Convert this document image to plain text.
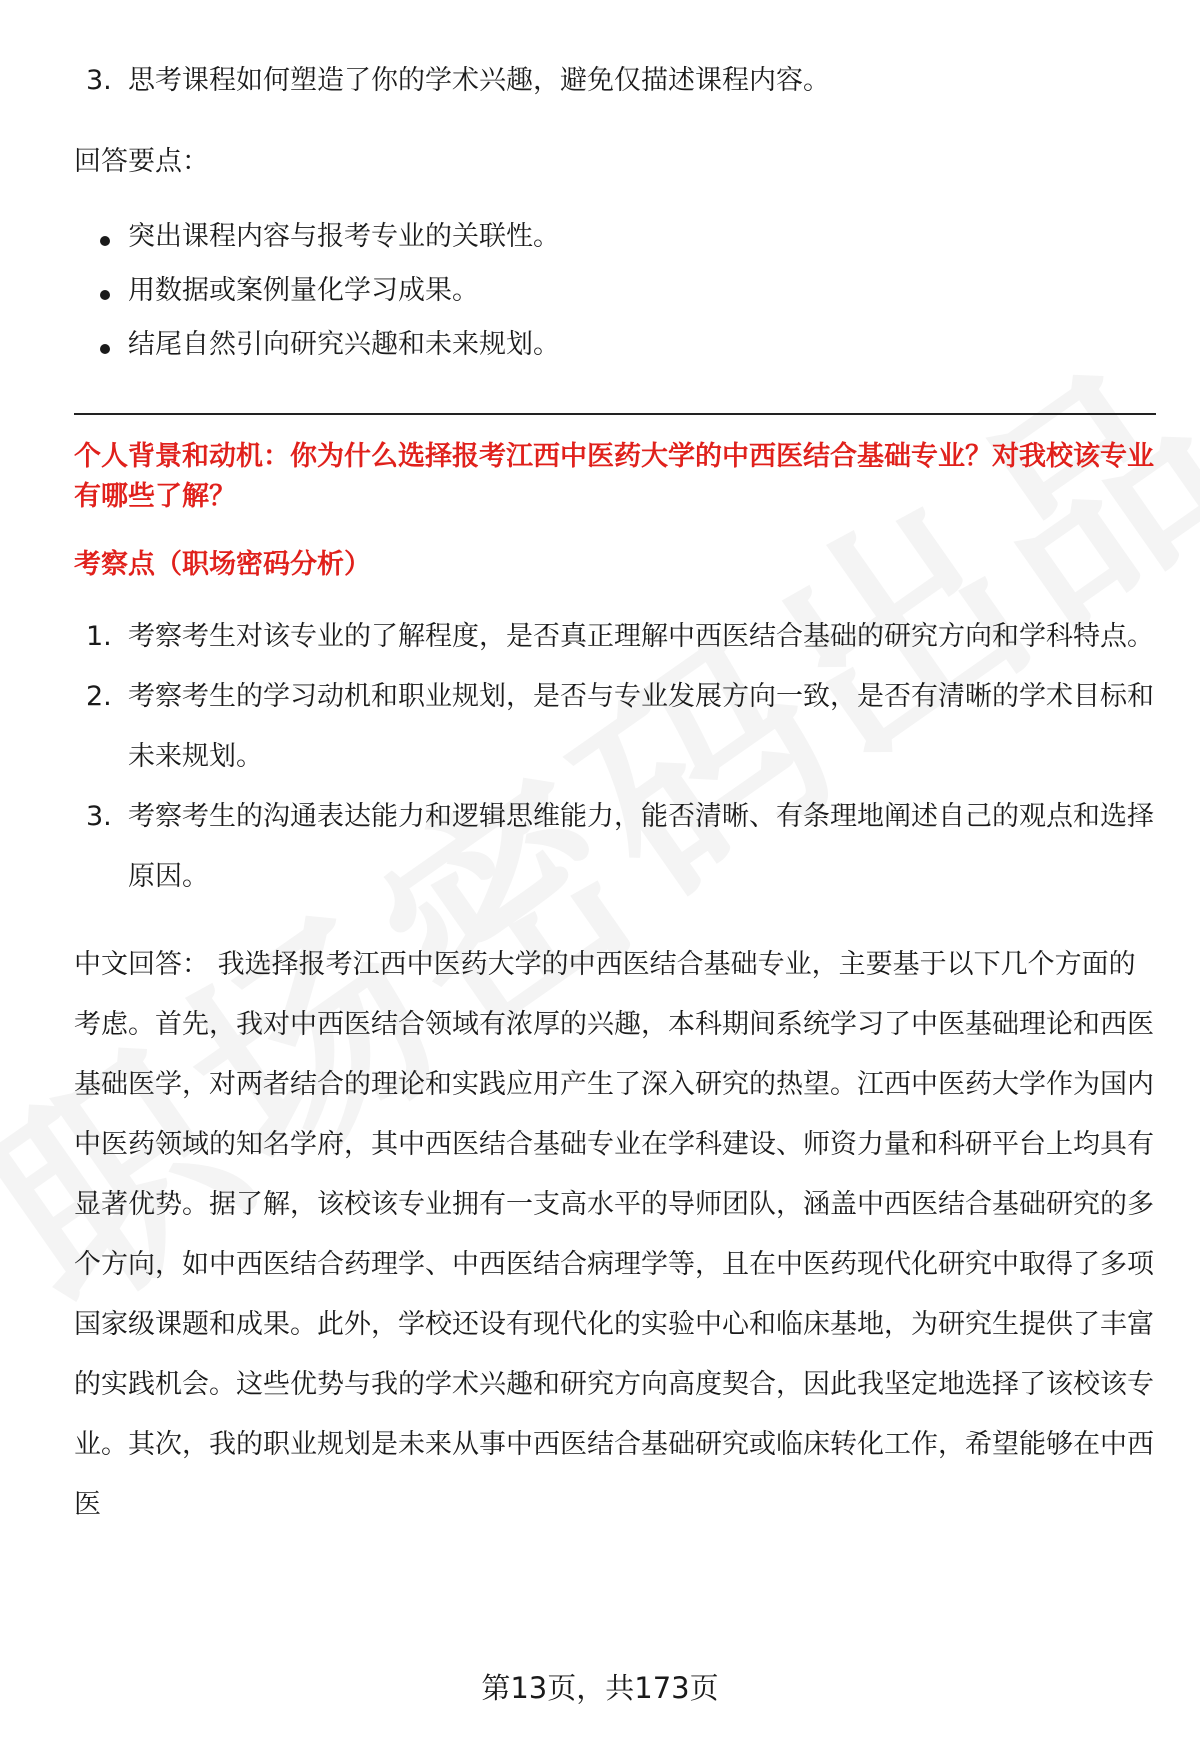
3. 思考课程如何塑造了你的学术兴趣，避免仅描述课程内容。
回答要点：
突出课程内容与报考专业的关联性。
用数据或案例量化学习成果。
结尾自然引向研究兴趣和未来规划。
个人背景和动机：你为什么选择报考江西中医药大学的中西医结合基础专业？对我校该专业有哪些了解？
考察点（职场密码分析）
1. 考察考生对该专业的了解程度，是否真正理解中西医结合基础的研究方向和学科特点。
2. 考察考生的学习动机和职业规划，是否与专业发展方向一致，是否有清晰的学术目标和未来规划。
3. 考察考生的沟通表达能力和逻辑思维能力，能否清晰、有条理地阐述自己的观点和选择原因。
中文回答： 我选择报考江西中医药大学的中西医结合基础专业，主要基于以下几个方面的考虑。首先，我对中西医结合领域有浓厚的兴趣，本科期间系统学习了中医基础理论和西医基础医学，对两者结合的理论和实践应用产生了深入研究的热望。江西中医药大学作为国内中医药领域的知名学府，其中西医结合基础专业在学科建设、师资力量和科研平台上均具有显著优势。据了解，该校该专业拥有一支高水平的导师团队，涵盖中西医结合基础研究的多个方向，如中西医结合药理学、中西医结合病理学等，且在中医药现代化研究中取得了多项国家级课题和成果。此外，学校还设有现代化的实验中心和临床基地，为研究生提供了丰富的实践机会。这些优势与我的学术兴趣和研究方向高度契合，因此我坚定地选择了该校该专业。其次，我的职业规划是未来从事中西医结合基础研究或临床转化工作，希望能够在中西医
第13页，共173页
